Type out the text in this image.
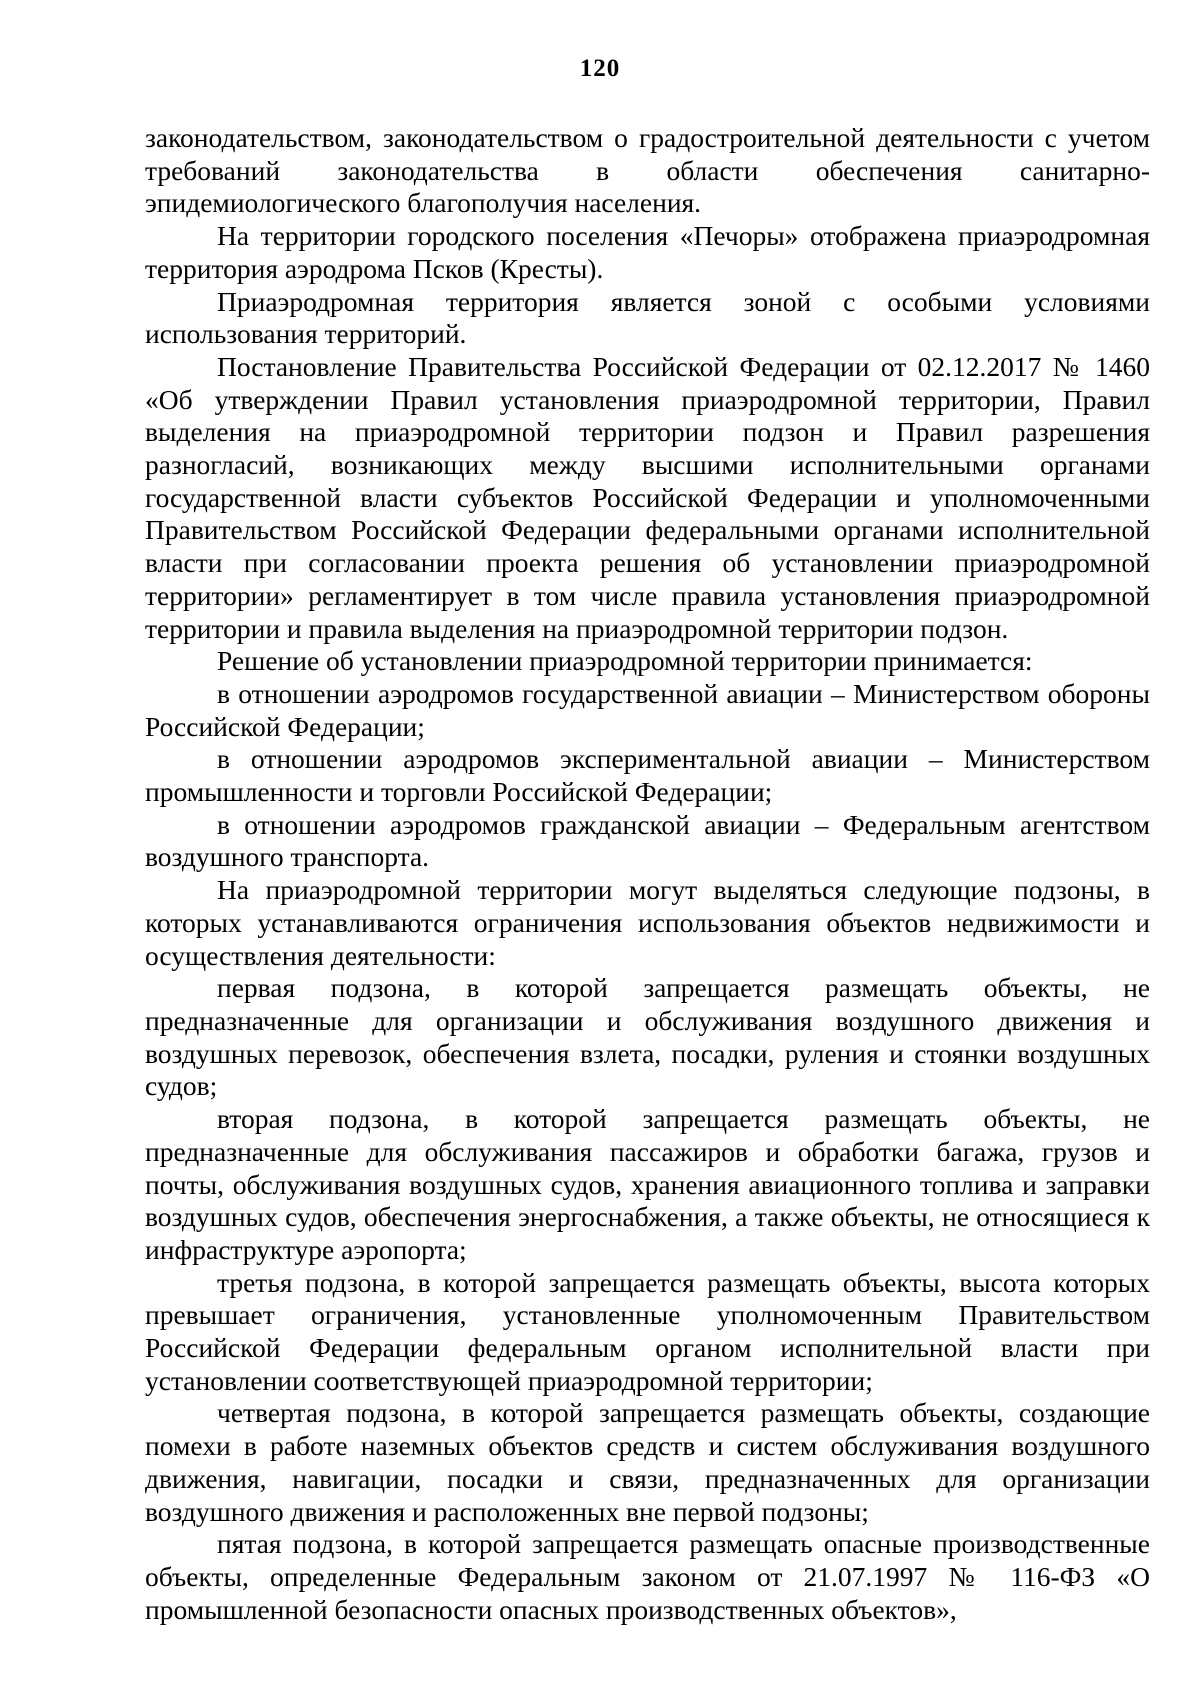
120

законодательством, законодательством о градостроительной деятельности с учетом требований законодательства в области обеспечения санитарно-эпидемиологического благополучия населения.

На территории городского поселения «Печоры» отображена приаэродромная территория аэродрома Псков (Кресты).

Приаэродромная территория является зоной с особыми условиями использования территорий.

Постановление Правительства Российской Федерации от 02.12.2017 № 1460 «Об утверждении Правил установления приаэродромной территории, Правил выделения на приаэродромной территории подзон и Правил разрешения разногласий, возникающих между высшими исполнительными органами государственной власти субъектов Российской Федерации и уполномоченными Правительством Российской Федерации федеральными органами исполнительной власти при согласовании проекта решения об установлении приаэродромной территории» регламентирует в том числе правила установления приаэродромной территории и правила выделения на приаэродромной территории подзон.

Решение об установлении приаэродромной территории принимается:

в отношении аэродромов государственной авиации – Министерством обороны Российской Федерации;

в отношении аэродромов экспериментальной авиации – Министерством промышленности и торговли Российской Федерации;

в отношении аэродромов гражданской авиации – Федеральным агентством воздушного транспорта.

На приаэродромной территории могут выделяться следующие подзоны, в которых устанавливаются ограничения использования объектов недвижимости и осуществления деятельности:

первая подзона, в которой запрещается размещать объекты, не предназначенные для организации и обслуживания воздушного движения и воздушных перевозок, обеспечения взлета, посадки, руления и стоянки воздушных судов;

вторая подзона, в которой запрещается размещать объекты, не предназначенные для обслуживания пассажиров и обработки багажа, грузов и почты, обслуживания воздушных судов, хранения авиационного топлива и заправки воздушных судов, обеспечения энергоснабжения, а также объекты, не относящиеся к инфраструктуре аэропорта;

третья подзона, в которой запрещается размещать объекты, высота которых превышает ограничения, установленные уполномоченным Правительством Российской Федерации федеральным органом исполнительной власти при установлении соответствующей приаэродромной территории;

четвертая подзона, в которой запрещается размещать объекты, создающие помехи в работе наземных объектов средств и систем обслуживания воздушного движения, навигации, посадки и связи, предназначенных для организации воздушного движения и расположенных вне первой подзоны;

пятая подзона, в которой запрещается размещать опасные производственные объекты, определенные Федеральным законом от 21.07.1997 № 116-ФЗ «О промышленной безопасности опасных производственных объектов»,
